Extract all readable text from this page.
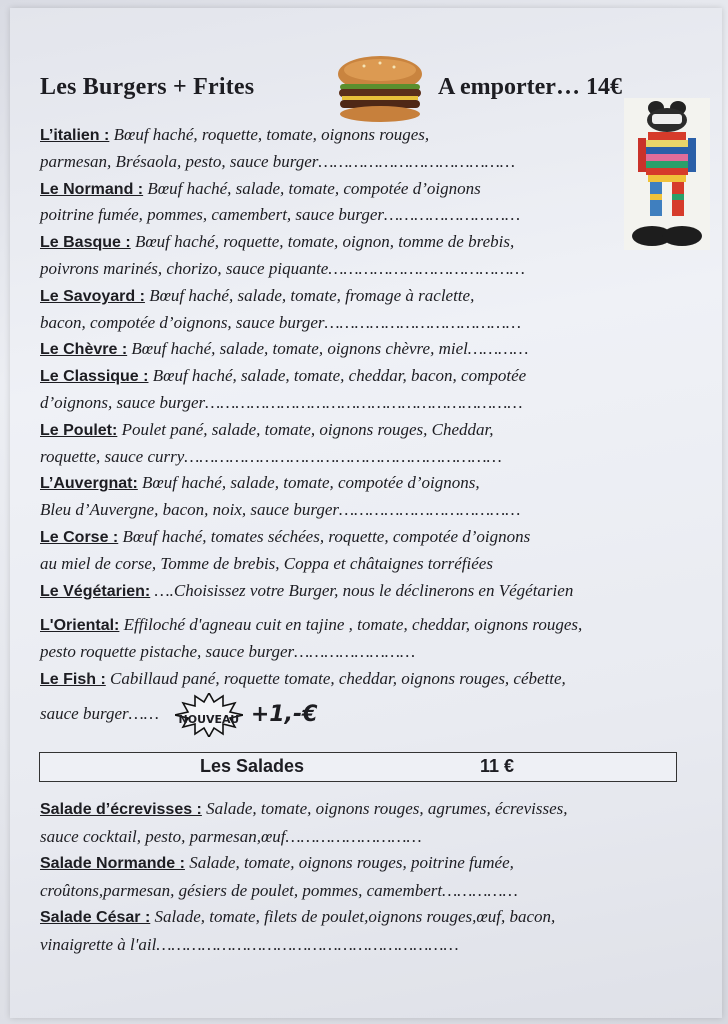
Les Burgers + Frites	A emporter… 14€
L’italien : Bœuf haché, roquette, tomate, oignons rouges,
parmesan, Brésaola, pesto, sauce burger…………………………………
Le Normand : Bœuf haché, salade, tomate, compotée d’oignons
poitrine fumée, pommes, camembert, sauce burger………………………
Le Basque : Bœuf haché, roquette, tomate, oignon, tomme de brebis,
poivrons marinés, chorizo, sauce piquante…………………………………
Le Savoyard : Bœuf haché, salade, tomate, fromage à raclette,
bacon, compotée d’oignons, sauce burger…………………………………
Le Chèvre : Bœuf haché, salade, tomate, oignons chèvre, miel…………
Le Classique : Bœuf haché, salade, tomate, cheddar, bacon, compotée
d’oignons, sauce burger………………………………………………………
Le Poulet: Poulet pané, salade, tomate, oignons rouges, Cheddar,
roquette, sauce curry………………………………………………………
L’Auvergnat: Bœuf haché, salade, tomate, compotée d’oignons,
Bleu d’Auvergne, bacon, noix, sauce burger………………………………
Le Corse : Bœuf haché, tomates séchées, roquette, compotée d’oignons
au miel de corse, Tomme de brebis, Coppa et châtaignes torréfiées
Le Végétarien: ….Choisissez votre Burger, nous le déclinerons en Végétarien
L'Oriental: Effiloché d'agneau cuit en tajine , tomate, cheddar, oignons rouges,
pesto roquette pistache, sauce burger……………………
Le Fish : Cabillaud pané, roquette tomate, cheddar, oignons rouges, cébette,
sauce burger……	NOUVEAU +1,-€
Les Salades	11 €
Salade d’écrevisses : Salade, tomate, oignons rouges, agrumes, écrevisses,
sauce cocktail, pesto, parmesan,œuf………………………
Salade Normande : Salade, tomate, oignons rouges, poitrine fumée,
croûtons,parmesan, gésiers de poulet, pommes, camembert……………
Salade César : Salade, tomate, filets de poulet,oignons rouges,œuf, bacon,
vinaigrette à l'ail……………………………………………………
